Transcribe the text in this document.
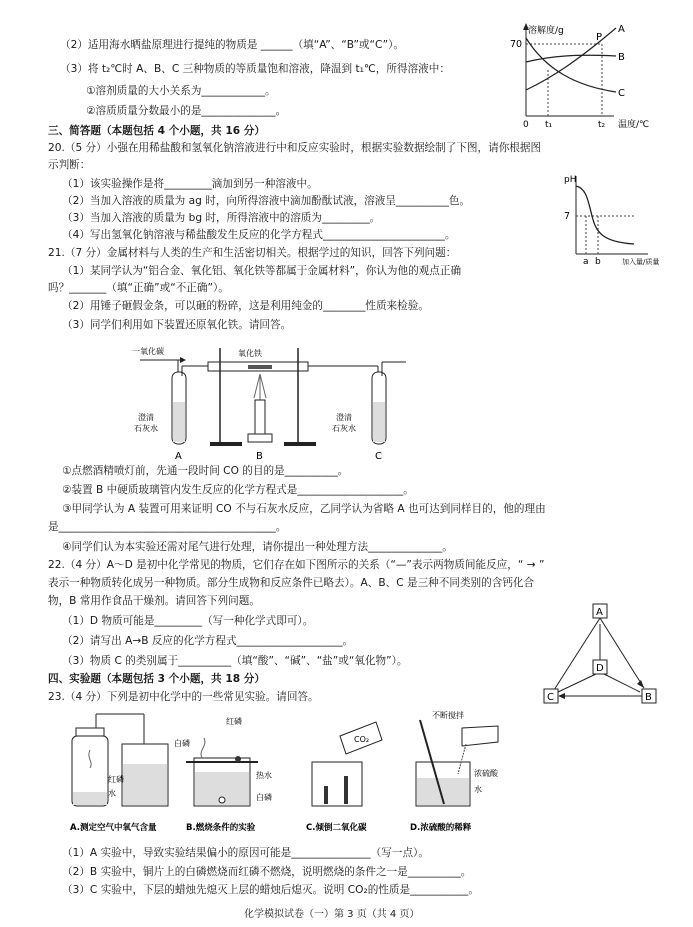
（2）适用海水晒盐原理进行提纯的物质是 ______（填“A”、“B”或“C”）。
（3）将 t₂℃时 A、B、C 三种物质的等质量饱和溶液，降温到 t₁℃，所得溶液中：
①溶剂质量的大小关系为____________。
②溶质质量分数最小的是______________。
三、简答题（本题包括 4 个小题，共 16 分）
20.（5 分）小强在用稀盐酸和氢氧化钠溶液进行中和反应实验时，根据实验数据绘制了下图，请你根据图
示判断：
（1）该实验操作是将_________滴加到另一种溶液中。
（2）当加入溶液的质量为 ag 时，向所得溶液中滴加酚酞试液，溶液呈__________色。
（3）当加入溶液的质量为 bg 时，所得溶液中的溶质为_________。
（4）写出氢氧化钠溶液与稀盐酸发生反应的化学方程式_______________________。
21.（7 分）金属材料与人类的生产和生活密切相关。根据学过的知识，回答下列问题：
（1）某同学认为“铝合金、氧化铝、氧化铁等都属于金属材料”，你认为他的观点正确
吗？_______（填“正确”或“不正确”）。
（2）用锤子砸假金条，可以砸的粉碎，这是利用纯金的________性质来检验。
（3）同学们利用如下装置还原氧化铁。请回答。
①点燃酒精喷灯前，先通一段时间 CO 的目的是__________。
②装置 B 中硬质玻璃管内发生反应的化学方程式是____________________。
③甲同学认为 A 装置可用来证明 CO 不与石灰水反应，乙同学认为省略 A 也可达到同样目的，他的理由
是_________________________________________。
④同学们认为本实验还需对尾气进行处理，请你提出一种处理方法______________。
22.（4 分）A～D 是初中化学常见的物质，它们存在如下图所示的关系（“—”表示两物质间能反应，“ → ”
表示一种物质转化成另一种物质。部分生成物和反应条件已略去）。A、B、C 是三种不同类别的含钙化合
物，B 常用作食品干燥剂。请回答下列问题。
（1）D 物质可能是_________（写一种化学式即可）。
（2）请写出 A→B 反应的化学方程式____________________。
（3）物质 C 的类别属于__________（填“酸”、“碱”、“盐”或“氧化物”）。
四、实验题（本题包括 3 个小题，共 18 分）
23.（4 分）下列是初中化学中的一些常见实验。请回答。
（1）A 实验中，导致实验结果偏小的原因可能是_______________（写一点）。
（2）B 实验中，铜片上的白磷燃烧而红磷不燃烧，说明燃烧的条件之一是__________。
（3）C 实验中，下层的蜡烛先熄灭上层的蜡烛后熄灭。说明 CO₂的性质是___________。
化学模拟试卷（一）第 3 页（共 4 页）
溶解度/g
70
0 t₁	t₂ 温度/℃
P
A
B
C
pH
7
a b	加入量/质量
一氧化碳	氧化铁
澄清
石灰水
澄清
石灰水
A	B	C
A
B
C
D
红磷
水
红磷
白磷
热水
白磷
CO₂
不断搅拌
浓硫酸
水
A.测定空气中氧气含量	B.燃烧条件的实验	C.倾倒二氧化碳	D.浓硫酸的稀释
